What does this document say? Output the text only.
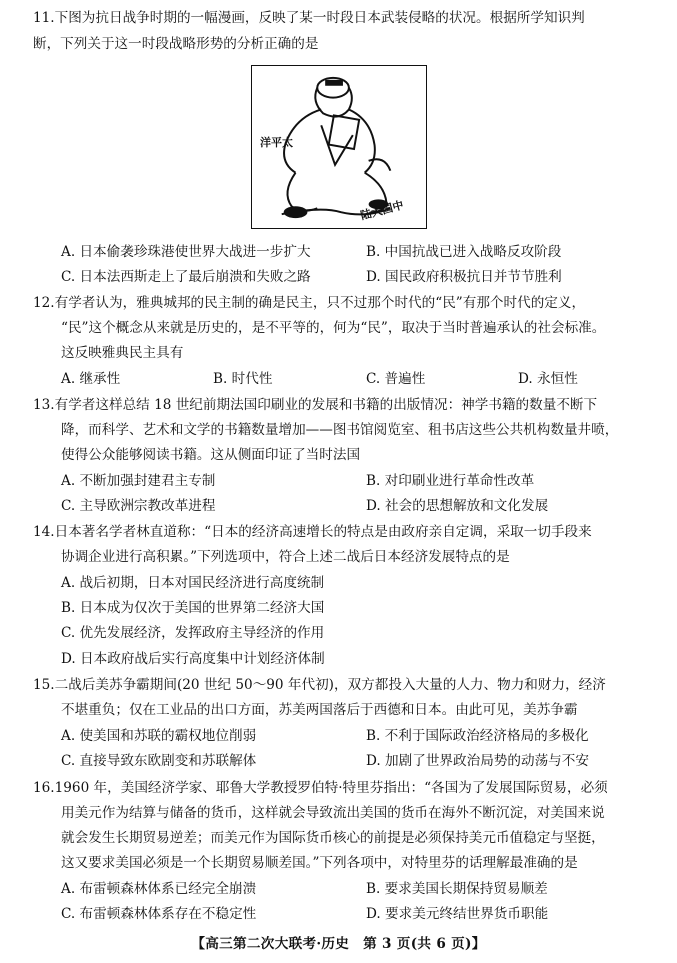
11.下图为抗日战争时期的一幅漫画，反映了某一时段日本武装侵略的状况。根据所学知识判
断，下列关于这一时段战略形势的分析正确的是
洋平太
陆大国中
A. 日本偷袭珍珠港使世界大战进一步扩大	B. 中国抗战已进入战略反攻阶段
C. 日本法西斯走上了最后崩溃和失败之路	D. 国民政府积极抗日并节节胜利
12.有学者认为，雅典城邦的民主制的确是民主，只不过那个时代的“民”有那个时代的定义，
“民”这个概念从来就是历史的，是不平等的，何为“民”，取决于当时普遍承认的社会标准。
这反映雅典民主具有
A. 继承性	B. 时代性	C. 普遍性	D. 永恒性
13.有学者这样总结 18 世纪前期法国印刷业的发展和书籍的出版情况：神学书籍的数量不断下
降，而科学、艺术和文学的书籍数量增加——图书馆阅览室、租书店这些公共机构数量井喷，
使得公众能够阅读书籍。这从侧面印证了当时法国
A. 不断加强封建君主专制	B. 对印刷业进行革命性改革
C. 主导欧洲宗教改革进程	D. 社会的思想解放和文化发展
14.日本著名学者林直道称：“日本的经济高速增长的特点是由政府亲自定调，采取一切手段来
协调企业进行高积累。”下列选项中，符合上述二战后日本经济发展特点的是
A. 战后初期，日本对国民经济进行高度统制
B. 日本成为仅次于美国的世界第二经济大国
C. 优先发展经济，发挥政府主导经济的作用
D. 日本政府战后实行高度集中计划经济体制
15.二战后美苏争霸期间(20 世纪 50～90 年代初)，双方都投入大量的人力、物力和财力，经济
不堪重负；仅在工业品的出口方面，苏美两国落后于西德和日本。由此可见，美苏争霸
A. 使美国和苏联的霸权地位削弱	B. 不利于国际政治经济格局的多极化
C. 直接导致东欧剧变和苏联解体	D. 加剧了世界政治局势的动荡与不安
16.1960 年，美国经济学家、耶鲁大学教授罗伯特·特里芬指出：“各国为了发展国际贸易，必须
用美元作为结算与储备的货币，这样就会导致流出美国的货币在海外不断沉淀，对美国来说
就会发生长期贸易逆差；而美元作为国际货币核心的前提是必须保持美元币值稳定与坚挺，
这又要求美国必须是一个长期贸易顺差国。”下列各项中，对特里芬的话理解最准确的是
A. 布雷顿森林体系已经完全崩溃	B. 要求美国长期保持贸易顺差
C. 布雷顿森林体系存在不稳定性	D. 要求美元终结世界货币职能
【高三第二次大联考·历史　第 3 页(共 6 页)】
